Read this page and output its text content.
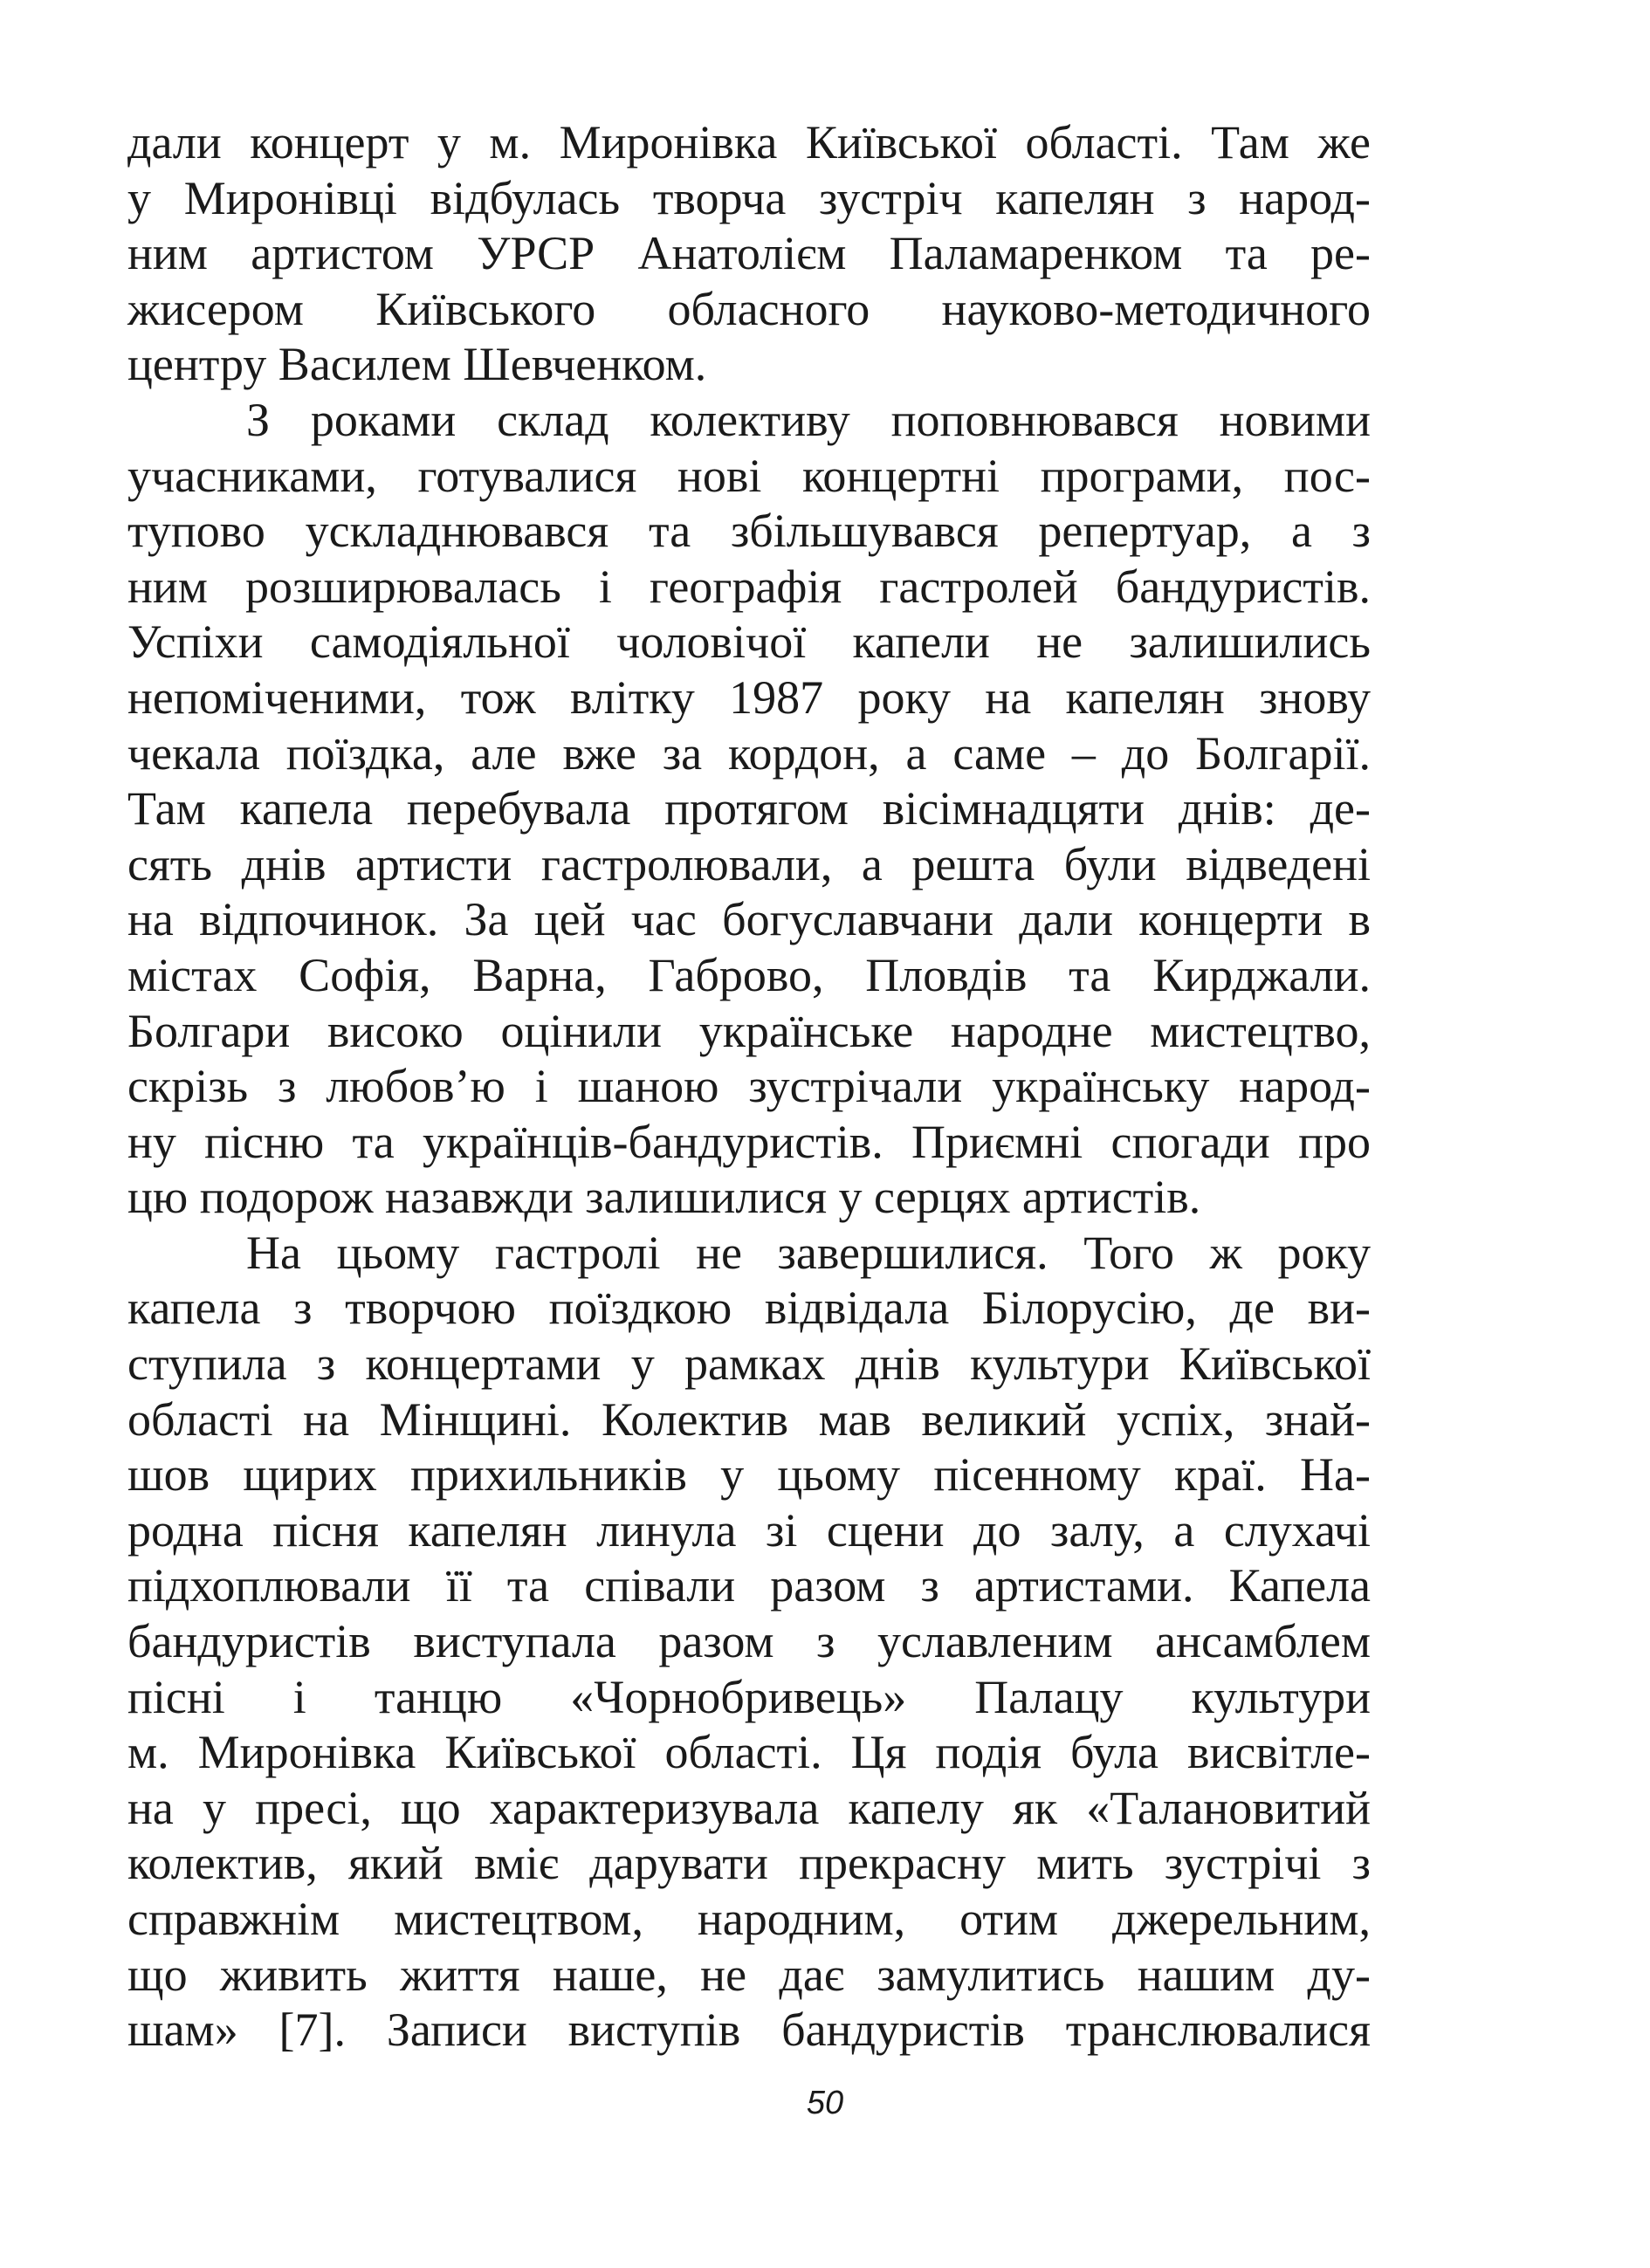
дали концерт у м. Миронівка Київської області. Там же
у Миронівці відбулась творча зустріч капелян з народ-
ним артистом УРСР Анатолієм Паламаренком та ре-
жисером Київського обласного науково-методичного
центру Василем Шевченком.

З роками склад колективу поповнювався новими
учасниками, готувалися нові концертні програми, пос-
тупово ускладнювався та збільшувався репертуар, а з
ним розширювалась і географія гастролей бандуристів.
Успіхи самодіяльної чоловічої капели не залишились
непоміченими, тож влітку 1987 року на капелян знову
чекала поїздка, але вже за кордон, а саме – до Болгарії.
Там капела перебувала протягом вісімнадцяти днів: де-
сять днів артисти гастролювали, а решта були відведені
на відпочинок. За цей час богуславчани дали концерти в
містах Софія, Варна, Габрово, Пловдів та Кирджали.
Болгари високо оцінили українське народне мистецтво,
скрізь з любов’ю і шаною зустрічали українську народ-
ну пісню та українців-бандуристів. Приємні спогади про
цю подорож назавжди залишилися у серцях артистів.

На цьому гастролі не завершилися. Того ж року
капела з творчою поїздкою відвідала Білорусію, де ви-
ступила з концертами у рамках днів культури Київської
області на Мінщині. Колектив мав великий успіх, знай-
шов щирих прихильників у цьому пісенному краї. На-
родна пісня капелян линула зі сцени до залу, а слухачі
підхоплювали її та співали разом з артистами. Капела
бандуристів виступала разом з уславленим ансамблем
пісні і танцю «Чорнобривець» Палацу культури
м. Миронівка Київської області. Ця подія була висвітле-
на у пресі, що характеризувала капелу як «Талановитий
колектив, який вміє дарувати прекрасну мить зустрічі з
справжнім мистецтвом, народним, отим джерельним,
що живить життя наше, не дає замулитись нашим ду-
шам» [7]. Записи виступів бандуристів транслювалися

50
